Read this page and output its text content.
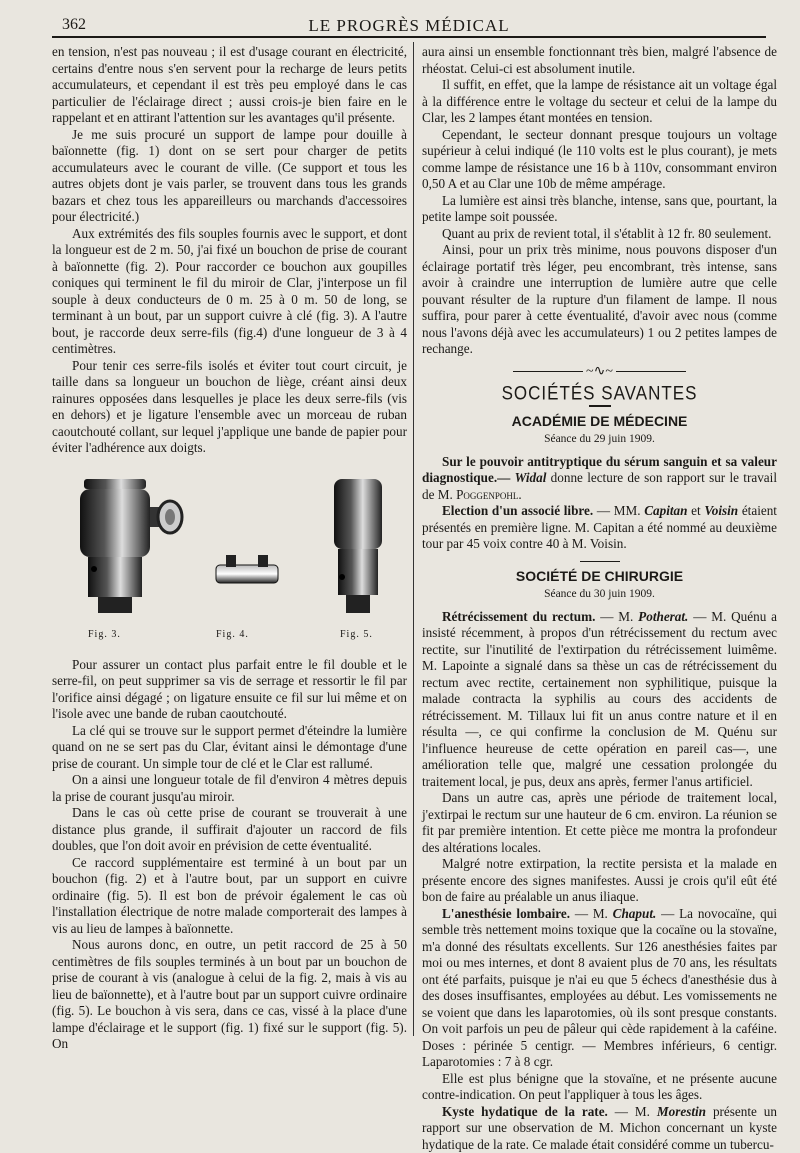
362	LE PROGRÈS MÉDICAL

en tension, n'est pas nouveau ; il est d'usage courant en électricité, certains d'entre nous s'en servent pour la recharge de leurs petits accumulateurs, et cependant il est très peu employé dans le cas particulier de l'éclairage direct ; aussi crois-je bien faire en le rappelant et en attirant l'attention sur les avantages qu'il présente.

Je me suis procuré un support de lampe pour douille à baïonnette (fig. 1) dont on se sert pour charger de petits accumulateurs avec le courant de ville. (Ce support et tous les autres objets dont je vais parler, se trouvent dans tous les grands bazars et chez tous les appareilleurs ou marchands d'accessoires pour électricité.)

Aux extrémités des fils souples fournis avec le support, et dont la longueur est de 2 m. 50, j'ai fixé un bouchon de prise de courant à baïonnette (fig. 2). Pour raccorder ce bouchon aux goupilles coniques qui terminent le fil du miroir de Clar, j'interpose un fil souple à deux conducteurs de 0 m. 25 à 0 m. 50 de long, se terminant à un bout, par un support cuivre à clé (fig. 3). A l'autre bout, je raccorde deux serre-fils (fig.4) d'une longueur de 3 à 4 centimètres.

Pour tenir ces serre-fils isolés et éviter tout court circuit, je taille dans sa longueur un bouchon de liège, créant ainsi deux rainures opposées dans lesquelles je place les deux serre-fils (vis en dehors) et je ligature l'ensemble avec un morceau de ruban caoutchouté collant, sur lequel j'applique une bande de papier pour éviter l'adhérence aux doigts.

Fig. 3.	Fig. 4.	Fig. 5.

Pour assurer un contact plus parfait entre le fil double et le serre-fil, on peut supprimer sa vis de serrage et ressortir le fil par l'orifice ainsi dégagé ; on ligature ensuite ce fil sur lui même et on l'isole avec une bande de ruban caoutchouté.

La clé qui se trouve sur le support permet d'éteindre la lumière quand on ne se sert pas du Clar, évitant ainsi le démontage d'une prise de courant. Un simple tour de clé et le Clar est rallumé.

On a ainsi une longueur totale de fil d'environ 4 mètres depuis la prise de courant jusqu'au miroir.

Dans le cas où cette prise de courant se trouverait à une distance plus grande, il suffirait d'ajouter un raccord de fils doubles, que l'on doit avoir en prévision de cette éventualité.

Ce raccord supplémentaire est terminé à un bout par un bouchon (fig. 2) et à l'autre bout, par un support en cuivre ordinaire (fig. 5). Il est bon de prévoir également le cas où l'installation électrique de notre malade comporterait des lampes à vis au lieu de lampes à baïonnette.

Nous aurons donc, en outre, un petit raccord de 25 à 50 centimètres de fils souples terminés à un bout par un bouchon de prise de courant à vis (analogue à celui de la fig. 2, mais à vis au lieu de baïonnette), et à l'autre bout par un support cuivre ordinaire (fig. 5). Le bouchon à vis sera, dans ce cas, vissé à la place d'une lampe d'éclairage et le support (fig. 1) fixé sur le support (fig. 5). On

aura ainsi un ensemble fonctionnant très bien, malgré l'absence de rhéostat. Celui-ci est absolument inutile.

Il suffit, en effet, que la lampe de résistance ait un voltage égal à la différence entre le voltage du secteur et celui de la lampe du Clar, les 2 lampes étant montées en tension.

Cependant, le secteur donnant presque toujours un voltage supérieur à celui indiqué (le 110 volts est le plus courant), je mets comme lampe de résistance une 16 b à 110v, consommant environ 0,50 A et au Clar une 10b de même ampérage.

La lumière est ainsi très blanche, intense, sans que, pourtant, la petite lampe soit poussée.

Quant au prix de revient total, il s'établit à 12 fr. 80 seulement.

Ainsi, pour un prix très minime, nous pouvons disposer d'un éclairage portatif très léger, peu encombrant, très intense, sans avoir à craindre une interruption de lumière autre que celle pouvant résulter de la rupture d'un filament de lampe. Il nous suffira, pour parer à cette éventualité, d'avoir avec nous (comme nous l'avons déjà avec les accumulateurs) 1 ou 2 petites lampes de rechange.

~∿~
SOCIÉTÉS SAVANTES
ACADÉMIE DE MÉDECINE
Séance du 29 juin 1909.

Sur le pouvoir antitryptique du sérum sanguin et sa valeur diagnostique.— Widal donne lecture de son rapport sur le travail de M. Poggenpohl.

Election d'un associé libre. — MM. Capitan et Voisin étaient présentés en première ligne. M. Capitan a été nommé au deuxième tour par 45 voix contre 40 à M. Voisin.

SOCIÉTÉ DE CHIRURGIE
Séance du 30 juin 1909.

Rétrécissement du rectum. — M. Potherat. — M. Quénu a insisté récemment, à propos d'un rétrécissement du rectum avec rectite, sur l'inutilité de l'extirpation du rétrécissement luimême. M. Lapointe a signalé dans sa thèse un cas de rétrécissement du rectum avec rectite, certainement non syphilitique, puisque la malade contracta la syphilis au cours des accidents de rétrécissement. M. Tillaux lui fit un anus contre nature et il en résulta —, ce qui confirme la conclusion de M. Quénu sur l'influence heureuse de cette opération en pareil cas—, une amélioration telle que, malgré une cessation prolongée du traitement local, je pus, deux ans après, fermer l'anus artificiel.

Dans un autre cas, après une période de traitement local, j'extirpai le rectum sur une hauteur de 6 cm. environ. La réunion se fit par première intention. Et cette pièce me montra la profondeur des altérations locales.

Malgré notre extirpation, la rectite persista et la malade en présente encore des signes manifestes. Aussi je crois qu'il eût été bon de faire au préalable un anus iliaque.

L'anesthésie lombaire. — M. Chaput. — La novocaïne, qui semble très nettement moins toxique que la cocaïne ou la stovaïne, m'a donné des résultats excellents. Sur 126 anesthésies faites par moi ou mes internes, et dont 8 avaient plus de 70 ans, les résultats ont été parfaits, puisque je n'ai eu que 5 échecs d'anesthésie dus à des doses insuffisantes, employées au début. Les vomissements ne se voient que dans les laparotomies, où ils sont presque constants. On voit parfois un peu de pâleur qui cède rapidement à la caféine. Doses : périnée 5 centigr. — Membres inférieurs, 6 centigr. Laparotomies : 7 à 8 cgr.

Elle est plus bénigne que la stovaïne, et ne présente aucune contre-indication. On peut l'appliquer à tous les âges.

Kyste hydatique de la rate. — M. Morestin présente un rapport sur une observation de M. Michon concernant un kyste hydatique de la rate. Ce malade était considéré comme un tubercu-
